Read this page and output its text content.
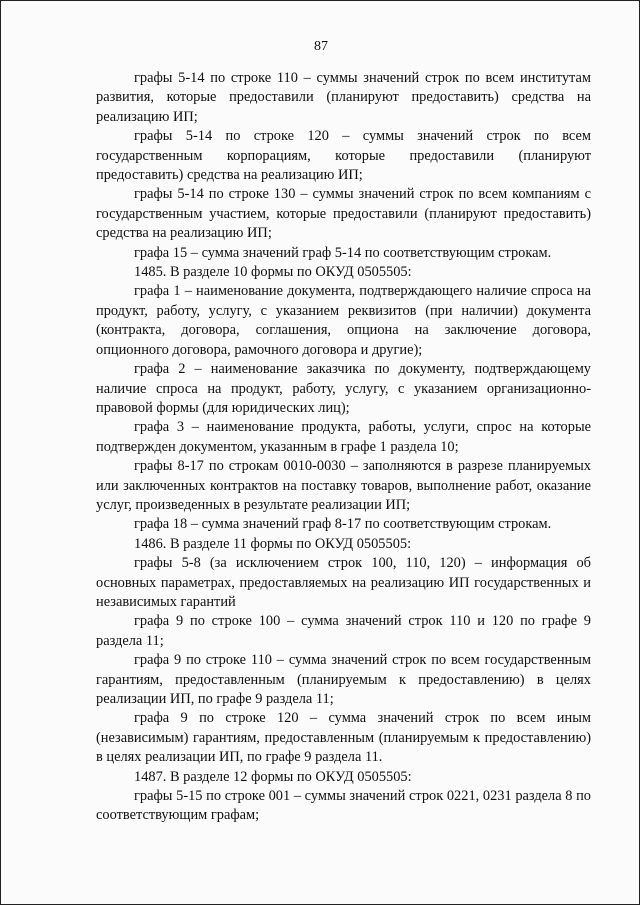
87

графы 5-14 по строке 110 – суммы значений строк по всем институтам развития, которые предоставили (планируют предоставить) средства на реализацию ИП;

графы 5-14 по строке 120 – суммы значений строк по всем государственным корпорациям, которые предоставили (планируют предоставить) средства на реализацию ИП;

графы 5-14 по строке 130 – суммы значений строк по всем компаниям с государственным участием, которые предоставили (планируют предоставить) средства на реализацию ИП;

графа 15 – сумма значений граф 5-14 по соответствующим строкам.

1485. В разделе 10 формы по ОКУД 0505505:

графа 1 – наименование документа, подтверждающего наличие спроса на продукт, работу, услугу, с указанием реквизитов (при наличии) документа (контракта, договора, соглашения, опциона на заключение договора, опционного договора, рамочного договора и другие);

графа 2 – наименование заказчика по документу, подтверждающему наличие спроса на продукт, работу, услугу, с указанием организационно-правовой формы (для юридических лиц);

графа 3 – наименование продукта, работы, услуги, спрос на которые подтвержден документом, указанным в графе 1 раздела 10;

графы 8-17 по строкам 0010-0030 – заполняются в разрезе планируемых или заключенных контрактов на поставку товаров, выполнение работ, оказание услуг, произведенных в результате реализации ИП;

графа 18 – сумма значений граф 8-17 по соответствующим строкам.

1486. В разделе 11 формы по ОКУД 0505505:

графы 5-8 (за исключением строк 100, 110, 120) – информация об основных параметрах, предоставляемых на реализацию ИП государственных и независимых гарантий

графа 9 по строке 100 – сумма значений строк 110 и 120 по графе 9 раздела 11;

графа 9 по строке 110 – сумма значений строк по всем государственным гарантиям, предоставленным (планируемым к предоставлению) в целях реализации ИП, по графе 9 раздела 11;

графа 9 по строке 120 – сумма значений строк по всем иным (независимым) гарантиям, предоставленным (планируемым к предоставлению) в целях реализации ИП, по графе 9 раздела 11.

1487. В разделе 12 формы по ОКУД 0505505:

графы 5-15 по строке 001 – суммы значений строк 0221, 0231 раздела 8 по соответствующим графам;
